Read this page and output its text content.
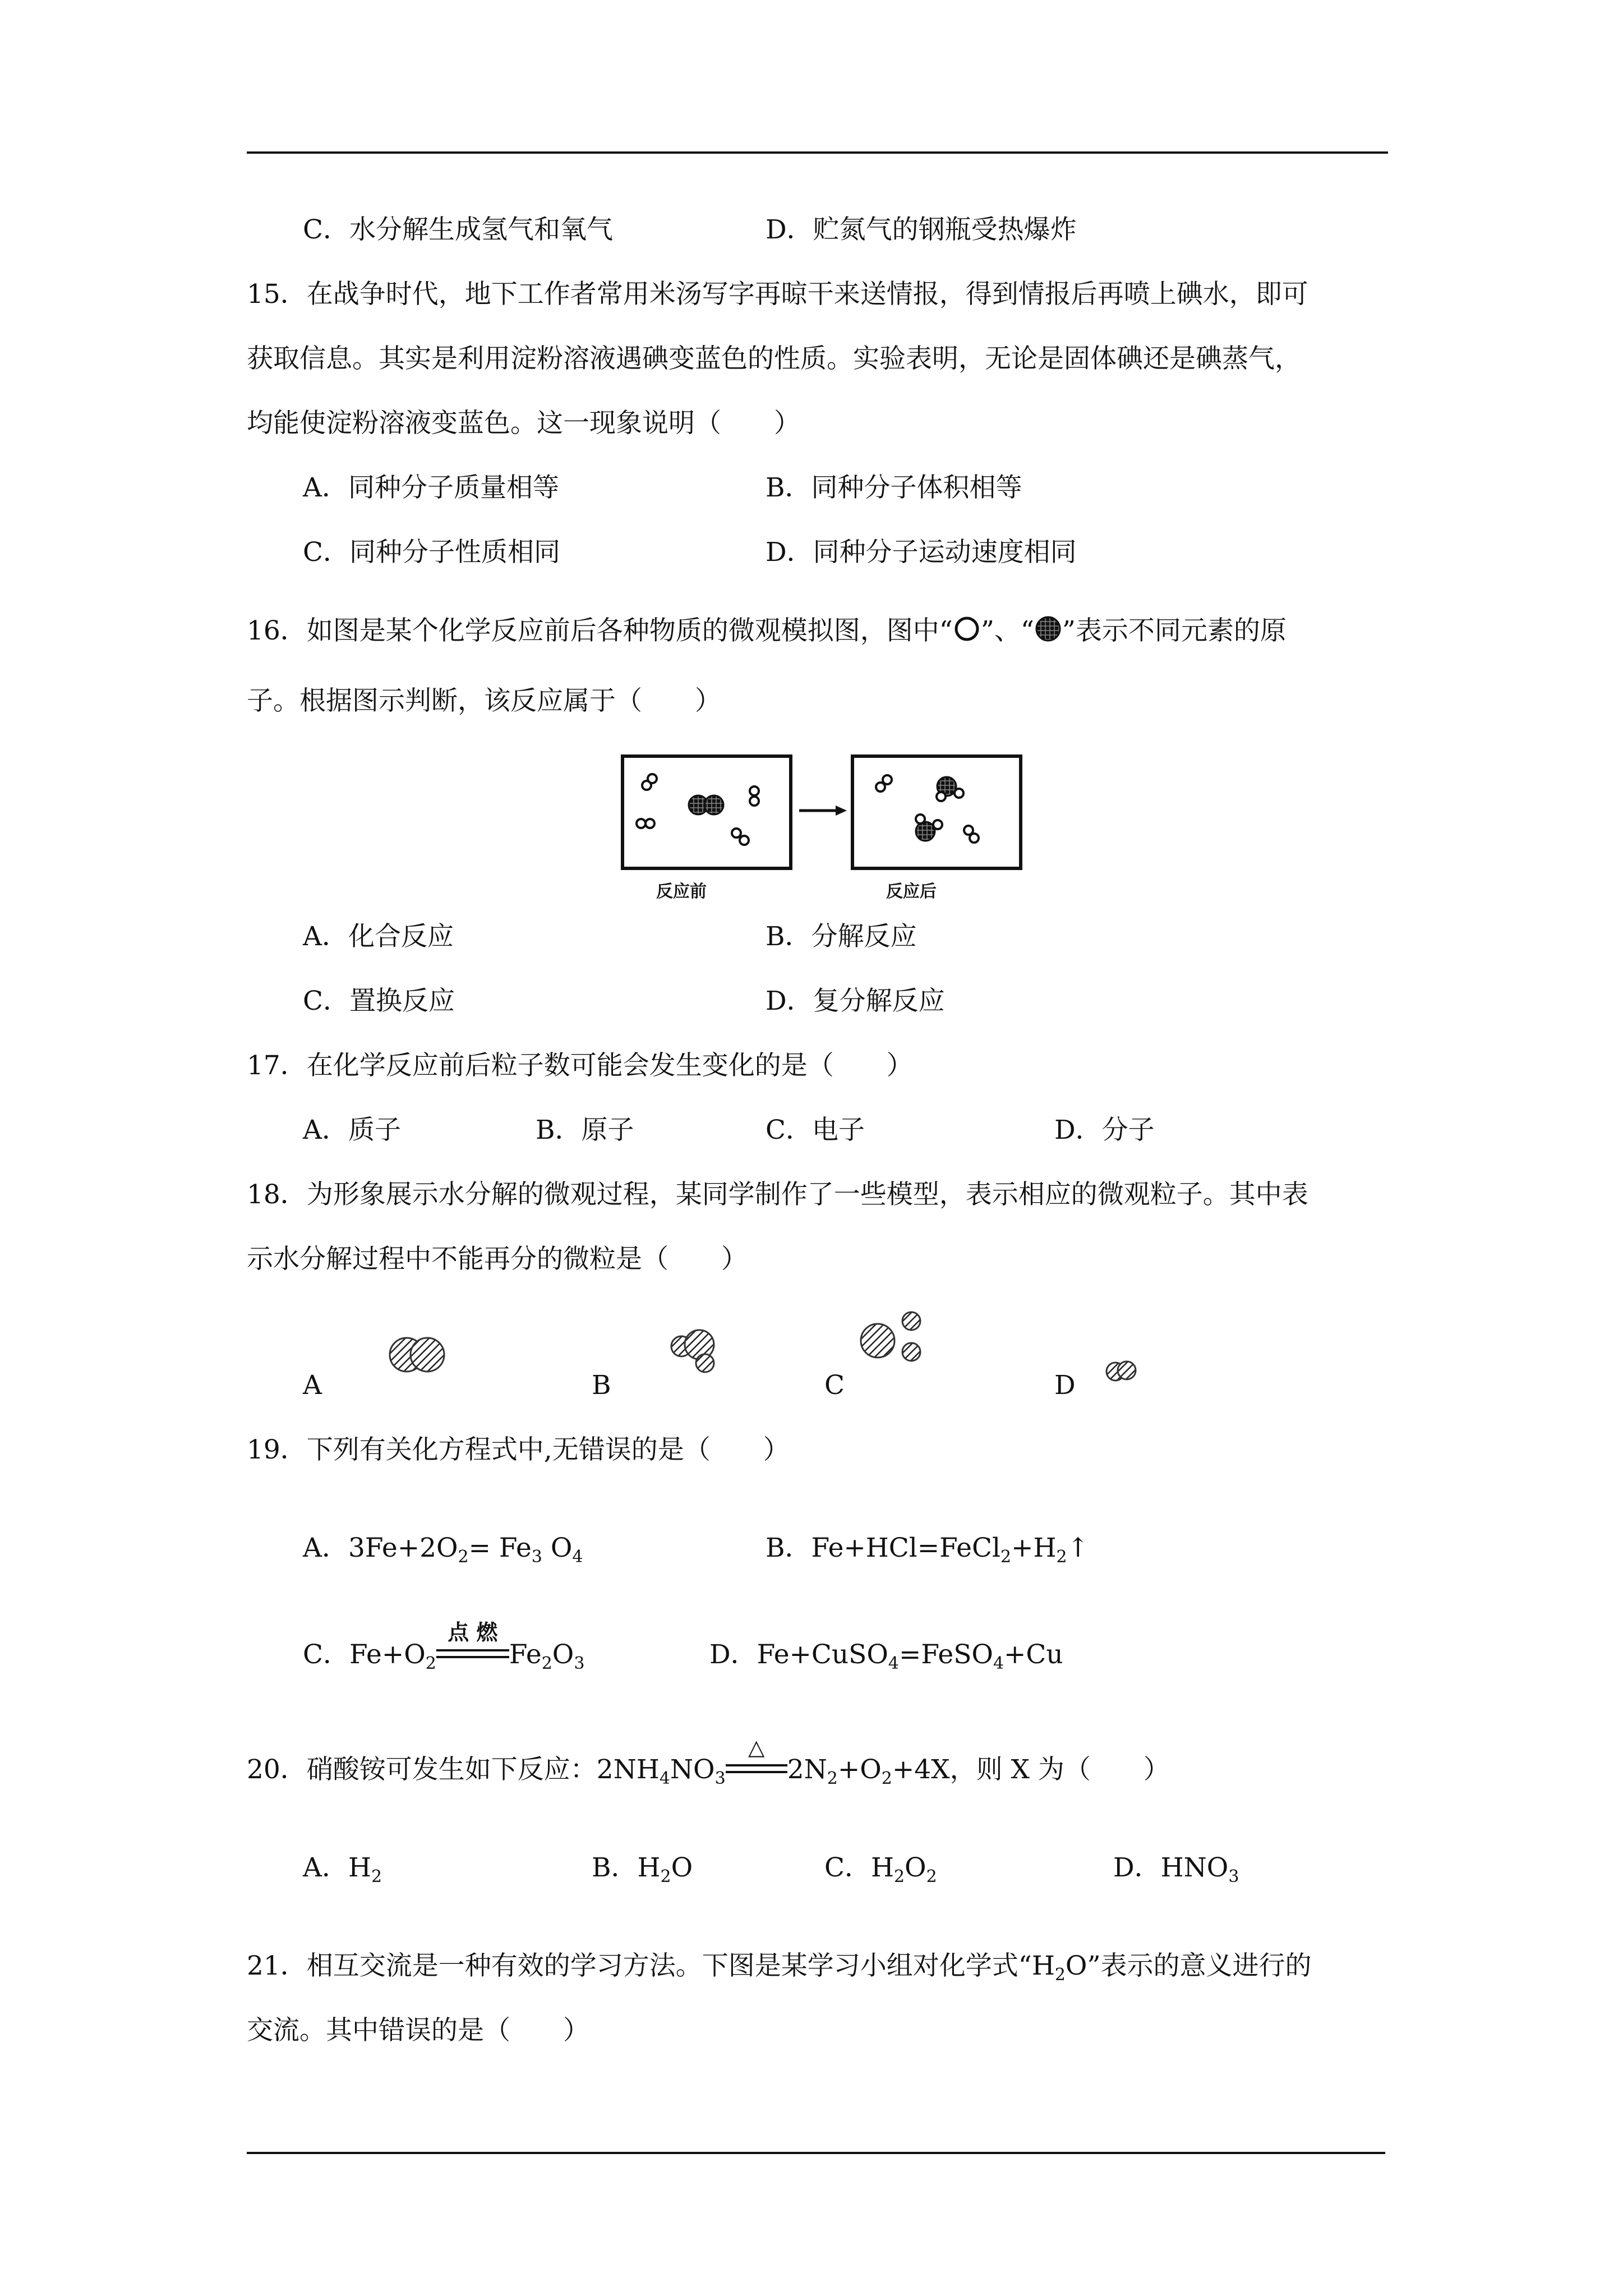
C．水分解生成氢气和氧气	D．贮氮气的钢瓶受热爆炸
15．在战争时代，地下工作者常用米汤写字再晾干来送情报，得到情报后再喷上碘水，即可
获取信息。其实是利用淀粉溶液遇碘变蓝色的性质。实验表明，无论是固体碘还是碘蒸气，
均能使淀粉溶液变蓝色。这一现象说明（　　）
A．同种分子质量相等	B．同种分子体积相等
C．同种分子性质相同	D．同种分子运动速度相同
16．如图是某个化学反应前后各种物质的微观模拟图，图中“ ”、“ ”表示不同元素的原
子。根据图示判断，该反应属于（　　）
反应前	反应后
A．化合反应	B．分解反应
C．置换反应	D．复分解反应
17．在化学反应前后粒子数可能会发生变化的是（　　）
A．质子	B．原子	C．电子	D．分子
18．为形象展示水分解的微观过程，某同学制作了一些模型，表示相应的微观粒子。其中表
示水分解过程中不能再分的微粒是（　　）
A	B	C	D
19．下列有关化方程式中,无错误的是（　　）
A．$3Fe+2O_2= Fe_3$ $O_4$	B．$Fe+HCl=FeCl_2+H_2↑$
C．$Fe+O_2$
点 燃
$Fe_2O_3$	D．Fe+CuSO$_4$=FeSO$_4$+Cu
20．硝酸铵可发生如下反应：$2NH_4NO_3$
△
$2N_2+O_2+4X$，则 X 为（　　）
A．$H_2$	B．$H_2O$	C．$H_2O_2$	D．$HNO_3$
21．相互交流是一种有效的学习方法。下图是某学习小组对化学式“$H_2O$”表示的意义进行的
交流。其中错误的是（　　）
